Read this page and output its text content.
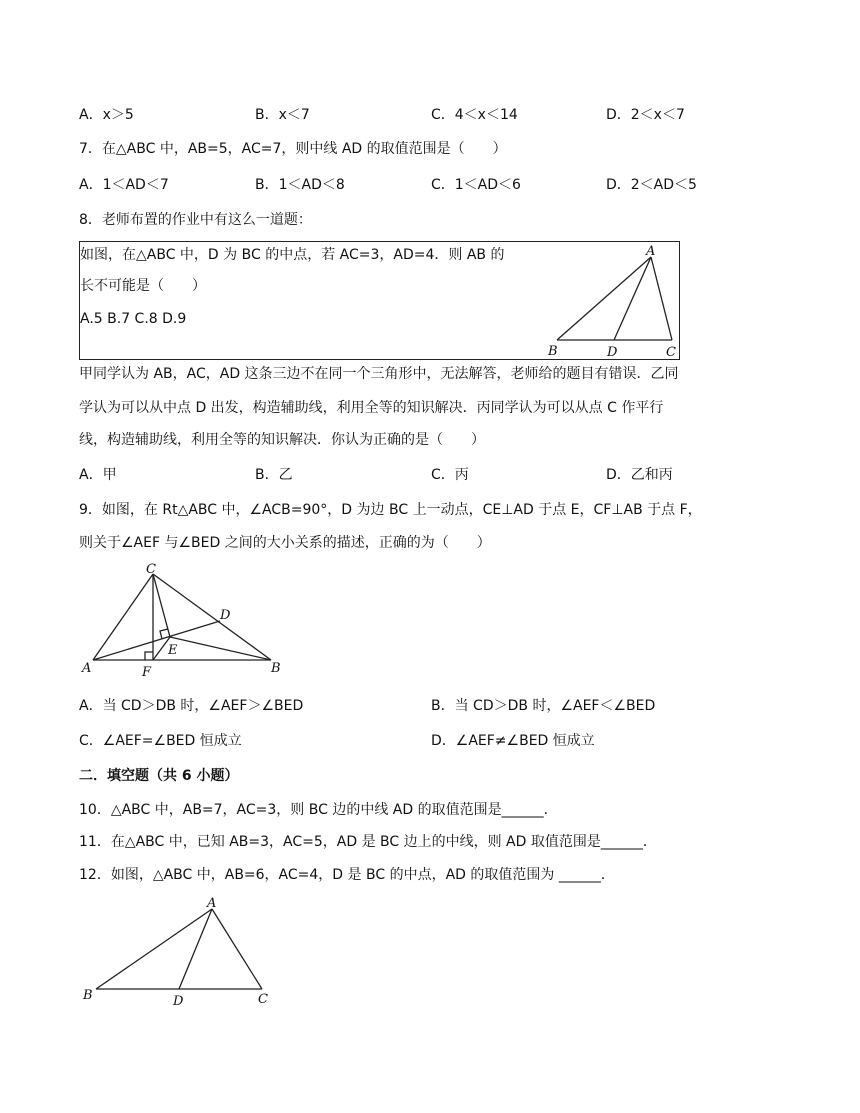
A．x＞5	B．x＜7	C．4＜x＜14	D．2＜x＜7
7．在△ABC 中，AB=5，AC=7，则中线 AD 的取值范围是（　　）
A．1＜AD＜7	B．1＜AD＜8	C．1＜AD＜6	D．2＜AD＜5
8．老师布置的作业中有这么一道题：
如图，在△ABC 中，D 为 BC 的中点，若 AC=3，AD=4．则 AB 的
长不可能是（　　）
A.5 B.7 C.8 D.9
A
B	D	C
甲同学认为 AB，AC，AD 这条三边不在同一个三角形中，无法解答，老师给的题目有错误．乙同
学认为可以从中点 D 出发，构造辅助线，利用全等的知识解决．丙同学认为可以从点 C 作平行
线，构造辅助线，利用全等的知识解决．你认为正确的是（　　）
A．甲	B．乙	C．丙	D．乙和丙
9．如图，在 Rt△ABC 中，∠ACB=90°，D 为边 BC 上一动点，CE⊥AD 于点 E，CF⊥AB 于点 F，
则关于∠AEF 与∠BED 之间的大小关系的描述，正确的为（　　）
C
D
E
A	F	B
A．当 CD＞DB 时，∠AEF＞∠BED	B．当 CD＞DB 时，∠AEF＜∠BED
C．∠AEF=∠BED 恒成立	D．∠AEF≠∠BED 恒成立
二．填空题（共 6 小题）
10．△ABC 中，AB=7，AC=3，则 BC 边的中线 AD 的取值范围是______．
11．在△ABC 中，已知 AB=3，AC=5，AD 是 BC 边上的中线，则 AD 取值范围是______．
12．如图，△ABC 中，AB=6，AC=4，D 是 BC 的中点，AD 的取值范围为 ______．
A
B	D	C
